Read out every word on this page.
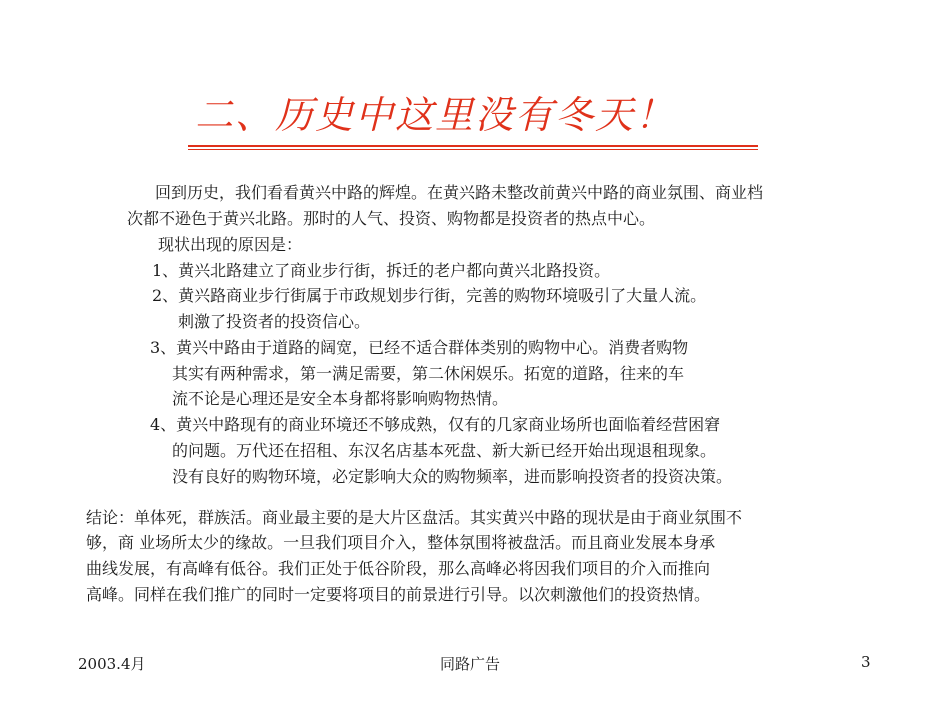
二、历史中这里没有冬天！
回到历史，我们看看黄兴中路的辉煌。在黄兴路未整改前黄兴中路的商业氛围、商业档
次都不逊色于黄兴北路。那时的人气、投资、购物都是投资者的热点中心。
现状出现的原因是：
1、黄兴北路建立了商业步行街，拆迁的老户都向黄兴北路投资。
2、黄兴路商业步行街属于市政规划步行街，完善的购物环境吸引了大量人流。
刺激了投资者的投资信心。
3、黄兴中路由于道路的阔宽，已经不适合群体类别的购物中心。消费者购物
其实有两种需求，第一满足需要，第二休闲娱乐。拓宽的道路，往来的车
流不论是心理还是安全本身都将影响购物热情。
4、黄兴中路现有的商业环境还不够成熟，仅有的几家商业场所也面临着经营困窘
的问题。万代还在招租、东汉名店基本死盘、新大新已经开始出现退租现象。
没有良好的购物环境，必定影响大众的购物频率，进而影响投资者的投资决策。
结论：单体死，群族活。商业最主要的是大片区盘活。其实黄兴中路的现状是由于商业氛围不
够，商 业场所太少的缘故。一旦我们项目介入，整体氛围将被盘活。而且商业发展本身承
曲线发展，有高峰有低谷。我们正处于低谷阶段，那么高峰必将因我们项目的介入而推向
高峰。同样在我们推广的同时一定要将项目的前景进行引导。以次刺激他们的投资热情。
2003.4月	同路广告	3
